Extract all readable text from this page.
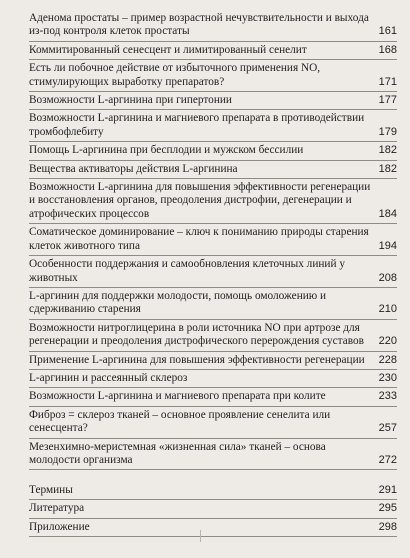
Аденома простаты – пример возрастной нечувствительности и выхода из-под контроля клеток простаты	161
Коммитированный сенесцент и лимитированный сенелит	168
Есть ли побочное действие от избыточного применения NO, стимулирующих выработку препаратов?	171
Возможности L-аргинина при гипертонии	177
Возможности L-аргинина и магниевого препарата в противодействии тромбофлебиту	179
Помощь L-аргинина при бесплодии и мужском бессилии	182
Вещества активаторы действия L-аргинина	182
Возможности L-аргинина для повышения эффективности регенерации и восстановления органов, преодоления дистрофии, дегенерации и атрофических процессов	184
Соматическое доминирование – ключ к пониманию природы старения клеток животного типа	194
Особенности поддержания и самообновления клеточных линий у животных	208
L-аргинин для поддержки молодости, помощь омоложению и сдерживанию старения	210
Возможности нитроглицерина в роли источника NO при артрозе для регенерации и преодоления дистрофического перерождения суставов	220
Применение L-аргинина для повышения эффективности регенерации	228
L-аргинин и рассеянный склероз	230
Возможности L-аргинина и магниевого препарата при колите	233
Фиброз = склероз тканей – основное проявление сенелита или сенесцента?	257
Мезенхимно-меристемная «жизненная сила» тканей – основа молодости организма	272
Термины	291
Литература	295
Приложение	298
